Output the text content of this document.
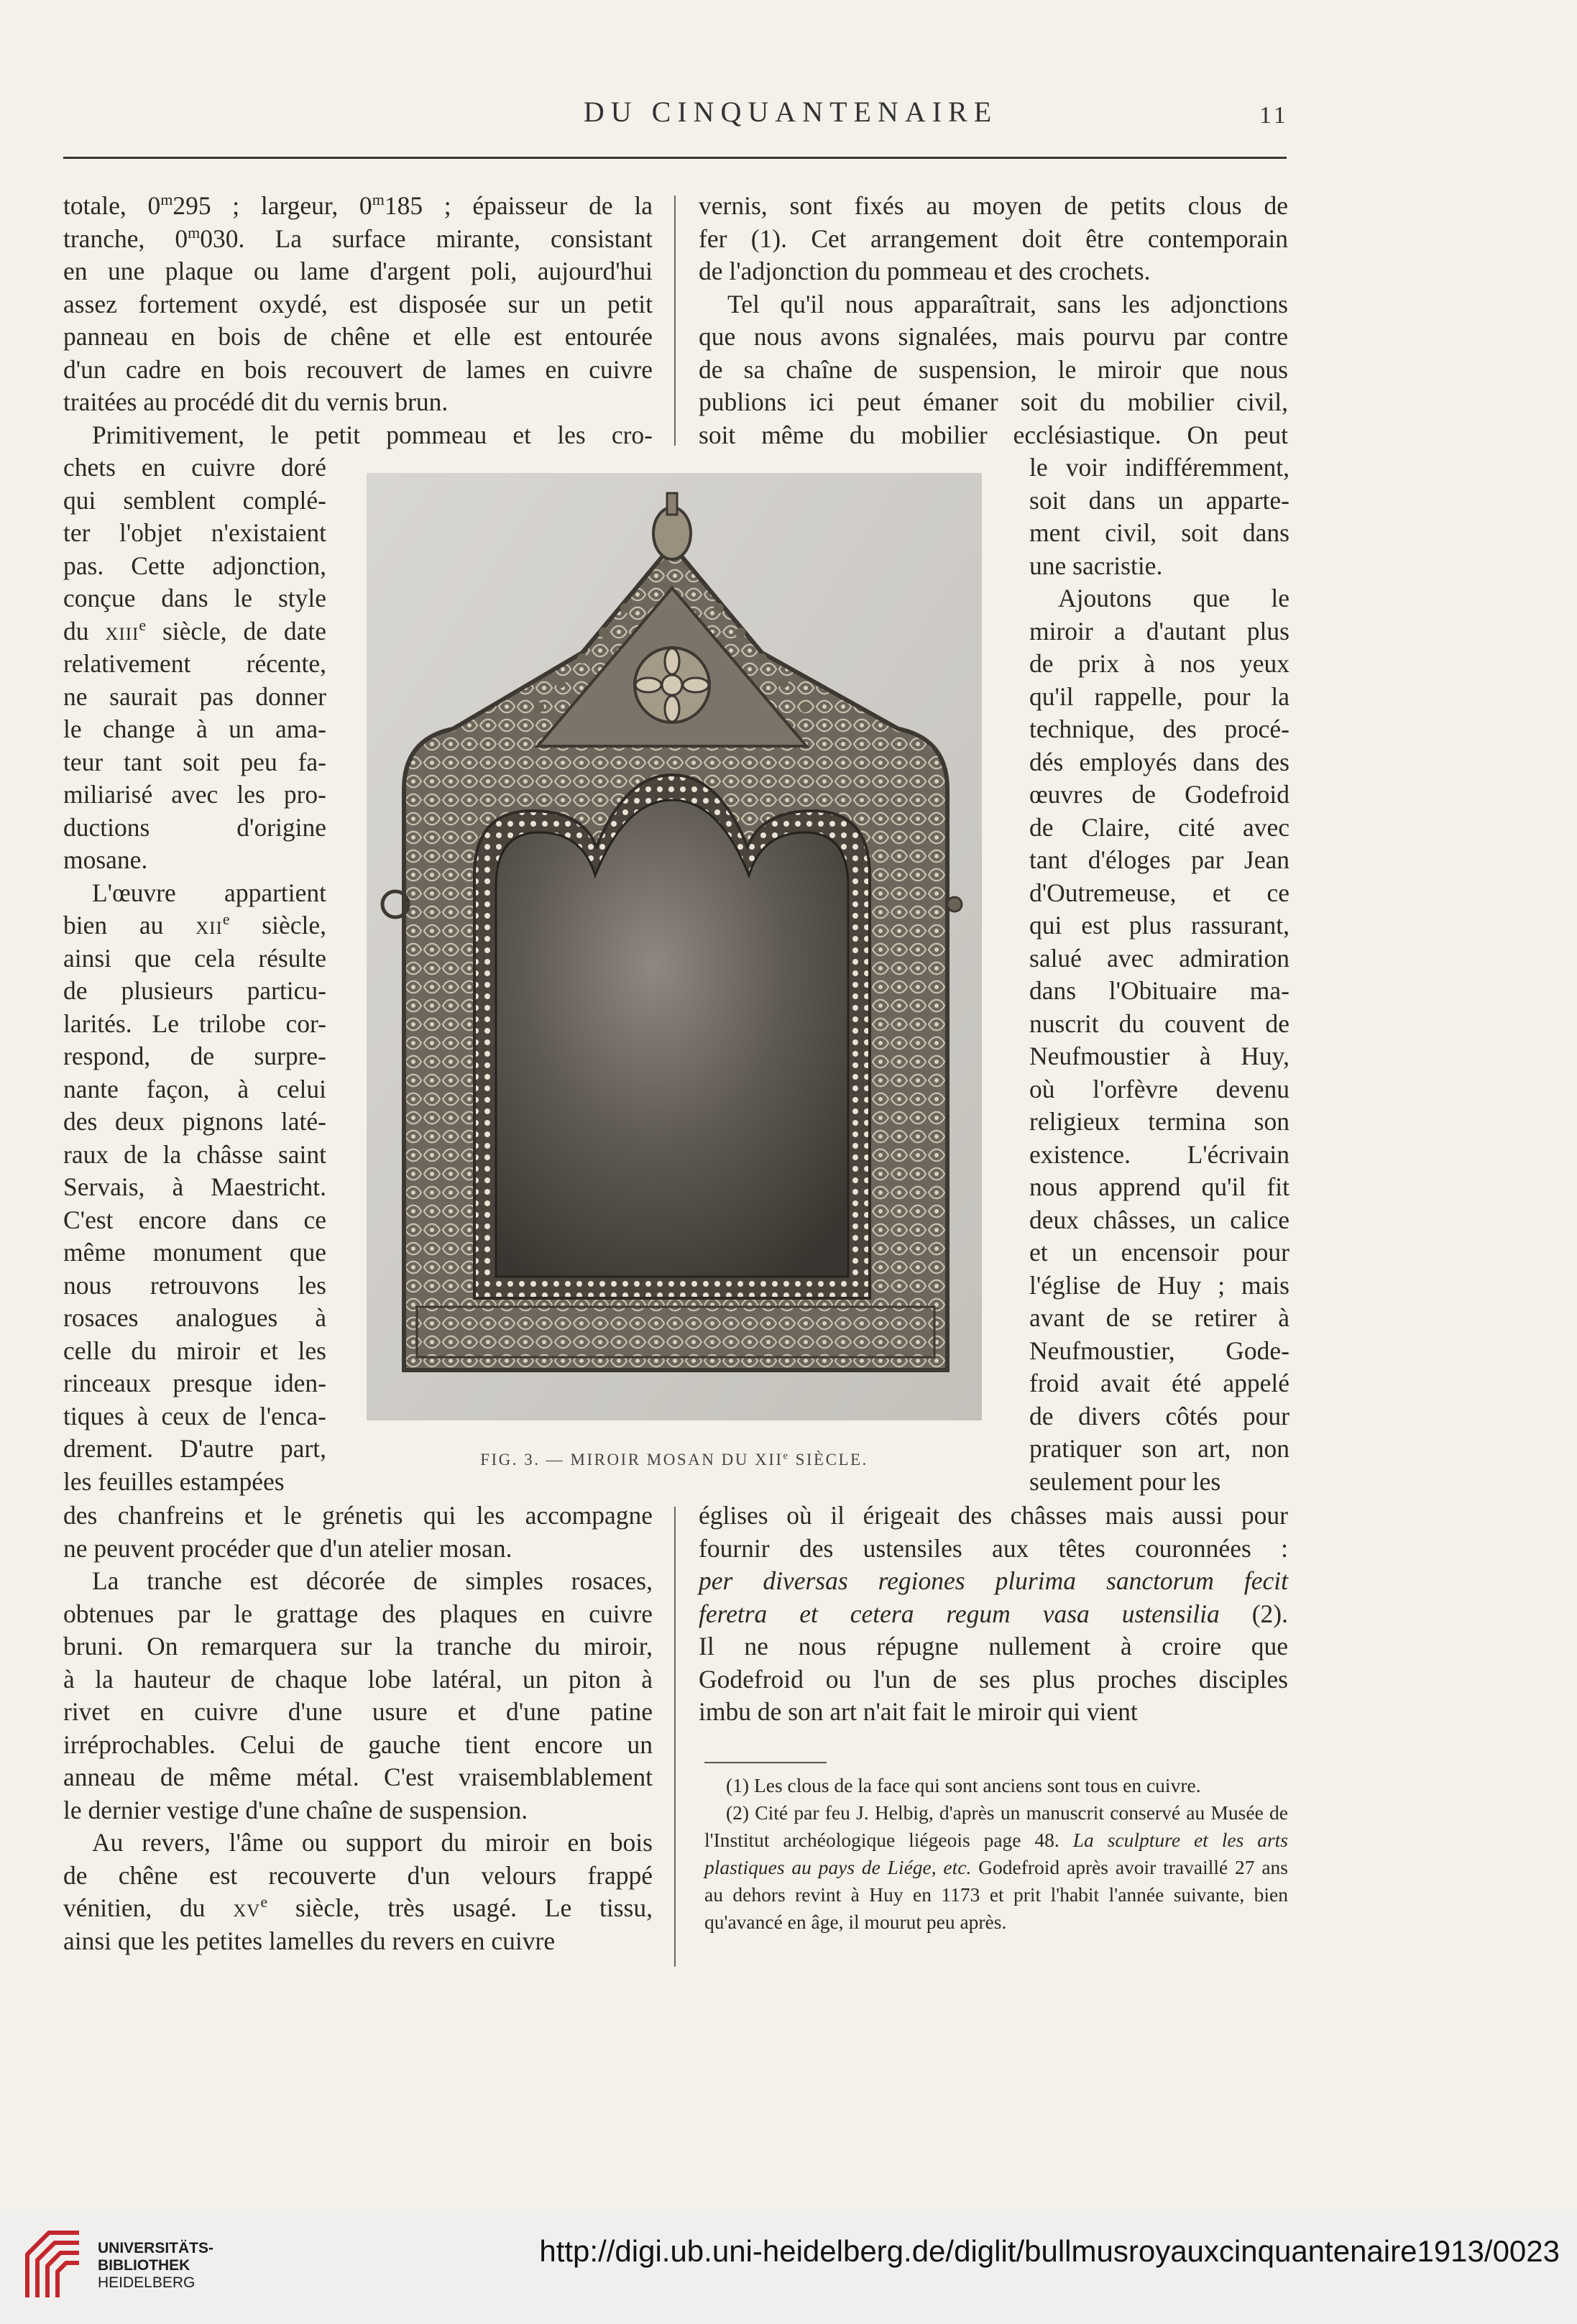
DU CINQUANTENAIRE	11
totale, 0$^m$295 ; largeur, 0$^m$185 ; épaisseur de la
tranche, 0$^m$030. La surface mirante, consistant
en une plaque ou lame d'argent poli, aujourd'hui
assez fortement oxydé, est disposée sur un petit
panneau en bois de chêne et elle est entourée
d'un cadre en bois recouvert de lames en cuivre
traitées au procédé dit du vernis brun.
Primitivement, le petit pommeau et les cro-
chets en cuivre doré
qui semblent complé-
ter l'objet n'existaient
pas. Cette adjonction,
conçue dans le style
du xiii$^e$ siècle, de date
relativement récente,
ne saurait pas donner
le change à un ama-
teur tant soit peu fa-
miliarisé avec les pro-
ductions d'origine
mosane.
L'œuvre appartient
bien au xii$^e$ siècle,
ainsi que cela résulte
de plusieurs particu-
larités. Le trilobe cor-
respond, de surpre-
nante façon, à celui
des deux pignons laté-
raux de la châsse saint
Servais, à Maestricht.
C'est encore dans ce
même monument que
nous retrouvons les
rosaces analogues à
celle du miroir et les
rinceaux presque iden-
tiques à ceux de l'enca-
drement. D'autre part,
les feuilles estampées
des chanfreins et le grénetis qui les accompagne
ne peuvent procéder que d'un atelier mosan.
La tranche est décorée de simples rosaces,
obtenues par le grattage des plaques en cuivre
bruni. On remarquera sur la tranche du miroir,
à la hauteur de chaque lobe latéral, un piton à
rivet en cuivre d'une usure et d'une patine
irréprochables. Celui de gauche tient encore un
anneau de même métal. C'est vraisemblablement
le dernier vestige d'une chaîne de suspension.
Au revers, l'âme ou support du miroir en bois
de chêne est recouverte d'un velours frappé
vénitien, du $xv^e$ siècle, très usagé. Le tissu,
ainsi que les petites lamelles du revers en cuivre
vernis, sont fixés au moyen de petits clous de
fer (1). Cet arrangement doit être contemporain
de l'adjonction du pommeau et des crochets.
Tel qu'il nous apparaîtrait, sans les adjonctions
que nous avons signalées, mais pourvu par contre
de sa chaîne de suspension, le miroir que nous
publions ici peut émaner soit du mobilier civil,
soit même du mobilier ecclésiastique. On peut
le voir indifféremment,
soit dans un apparte-
ment civil, soit dans
une sacristie.
Ajoutons que le
miroir a d'autant plus
de prix à nos yeux
qu'il rappelle, pour la
technique, des procé-
dés employés dans des
œuvres de Godefroid
de Claire, cité avec
tant d'éloges par Jean
d'Outremeuse, et ce
qui est plus rassurant,
salué avec admiration
dans l'Obituaire ma-
nuscrit du couvent de
Neufmoustier à Huy,
où l'orfèvre devenu
religieux termina son
existence. L'écrivain
nous apprend qu'il fit
deux châsses, un calice
et un encensoir pour
l'église de Huy ; mais
avant de se retirer à
Neufmoustier, Gode-
froid avait été appelé
de divers côtés pour
pratiquer son art, non
seulement pour les
églises où il érigeait des châsses mais aussi pour
fournir des ustensiles aux têtes couronnées :
per diversas regiones plurima sanctorum fecit
feretra et cetera regum vasa ustensilia (2).
Il ne nous répugne nullement à croire que
Godefroid ou l'un de ses plus proches disciples
imbu de son art n'ait fait le miroir qui vient
FIG. 3. — MIROIR MOSAN DU XIIe SIÈCLE.

(1) Les clous de la face qui sont anciens sont tous en cuivre.

(2) Cité par feu J. Helbig, d'après un manuscrit conservé au Musée de l'Institut archéologique liégeois page 48. La sculpture et les arts plastiques au pays de Liége, etc. Godefroid après avoir travaillé 27 ans au dehors revint à Huy en 1173 et prit l'habit l'année suivante, bien qu'avancé en âge, il mourut peu après.

UNIVERSITÄTS-
BIBLIOTHEK
HEIDELBERG
http://digi.ub.uni-heidelberg.de/diglit/bullmusroyauxcinquantenaire1913/0023
